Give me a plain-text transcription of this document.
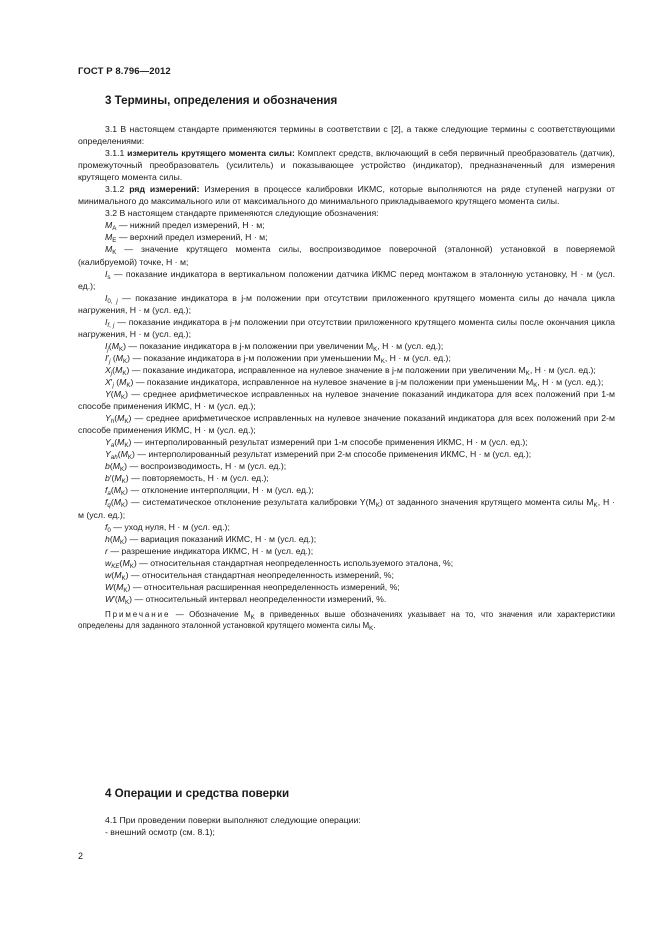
ГОСТ Р 8.796—2012
3 Термины, определения и обозначения

3.1 В настоящем стандарте применяются термины в соответствии с [2], а также следующие термины с соответствующими определениями:

3.1.1 измеритель крутящего момента силы: Комплект средств, включающий в себя первичный преобразователь (датчик), промежуточный преобразователь (усилитель) и показывающее устройство (индикатор), предназначенный для измерения крутящего момента силы.

3.1.2 ряд измерений: Измерения в процессе калибровки ИКМС, которые выполняются на ряде ступеней нагрузки от минимального до максимального или от максимального до минимального прикладываемого крутящего момента силы.

3.2 В настоящем стандарте применяются следующие обозначения:

$M_A$ — нижний предел измерений, Н · м;

$M_E$ — верхний предел измерений, Н · м;

$M_K$ — значение крутящего момента силы, воспроизводимое поверочной (эталонной) установкой в поверяемой (калибруемой) точке, Н · м;

$I_s$ — показание индикатора в вертикальном положении датчика ИКМС перед монтажом в эталонную установку, Н · м (усл. ед.);

$I_{0, j}$ — показание индикатора в j-м положении при отсутствии приложенного крутящего момента силы до начала цикла нагружения, Н · м (усл. ед.);

$I_{f, j}$ — показание индикатора в j-м положении при отсутствии приложенного крутящего момента силы после окончания цикла нагружения, Н · м (усл. ед.);

$I_j(M_K)$ — показание индикатора в j-м положении при увеличении $M_K$, Н · м (усл. ед.);

$I'_j$ $(M_K)$ — показание индикатора в j-м положении при уменьшении $M_K$, Н · м (усл. ед.);

$X_j(M_K)$ — показание индикатора, исправленное на нулевое значение в j-м положении при увеличении $M_K$, Н · м (усл. ед.);

$X'_j$ $(M_K)$ — показание индикатора, исправленное на нулевое значение в j-м положении при уменьшении $M_K$, Н · м (усл. ед.);

$Y(M_K)$ — среднее арифметическое исправленных на нулевое значение показаний индикатора для всех положений при 1-м способе применения ИКМС, Н · м (усл. ед.);

$Y_h(M_K)$ — среднее арифметическое исправленных на нулевое значение показаний индикатора для всех положений при 2-м способе применения ИКМС, Н · м (усл. ед.);

$Y_a(M_K)$ — интерполированный результат измерений при 1-м способе применения ИКМС, Н · м (усл. ед.);

$Y_{ah}(M_K)$ — интерполированный результат измерений при 2-м способе применения ИКМС, Н · м (усл. ед.);

$b(M_K)$ — воспроизводимость, Н · м (усл. ед.);

$b'(M_K)$ — повторяемость, Н · м (усл. ед.);

$f_a(M_K)$ — отклонение интерполяции, Н · м (усл. ед.);

$f_q(M_K)$ — систематическое отклонение результата калибровки $Y(M_K)$ от заданного значения крутящего момента силы $M_K$, Н · м (усл. ед.);

$f_0$ — уход нуля, Н · м (усл. ед.);

$h(M_K)$ — вариация показаний ИКМС, Н · м (усл. ед.);

r — разрешение индикатора ИКМС, Н · м (усл. ед.);

$w_{KE}(M_K)$ — относительная стандартная неопределенность используемого эталона, %;

$w(M_K)$ — относительная стандартная неопределенность измерений, %;

$W(M_K)$ — относительная расширенная неопределенность измерений, %;

$W'(M_K)$ — относительный интервал неопределенности измерений, %.

Примечание — Обозначение $M_K$ в приведенных выше обозначениях указывает на то, что значения или характеристики определены для заданного эталонной установкой крутящего момента силы $M_K$.

4 Операции и средства поверки

4.1 При проведении поверки выполняют следующие операции:

- внешний осмотр (см. 8.1);

2
